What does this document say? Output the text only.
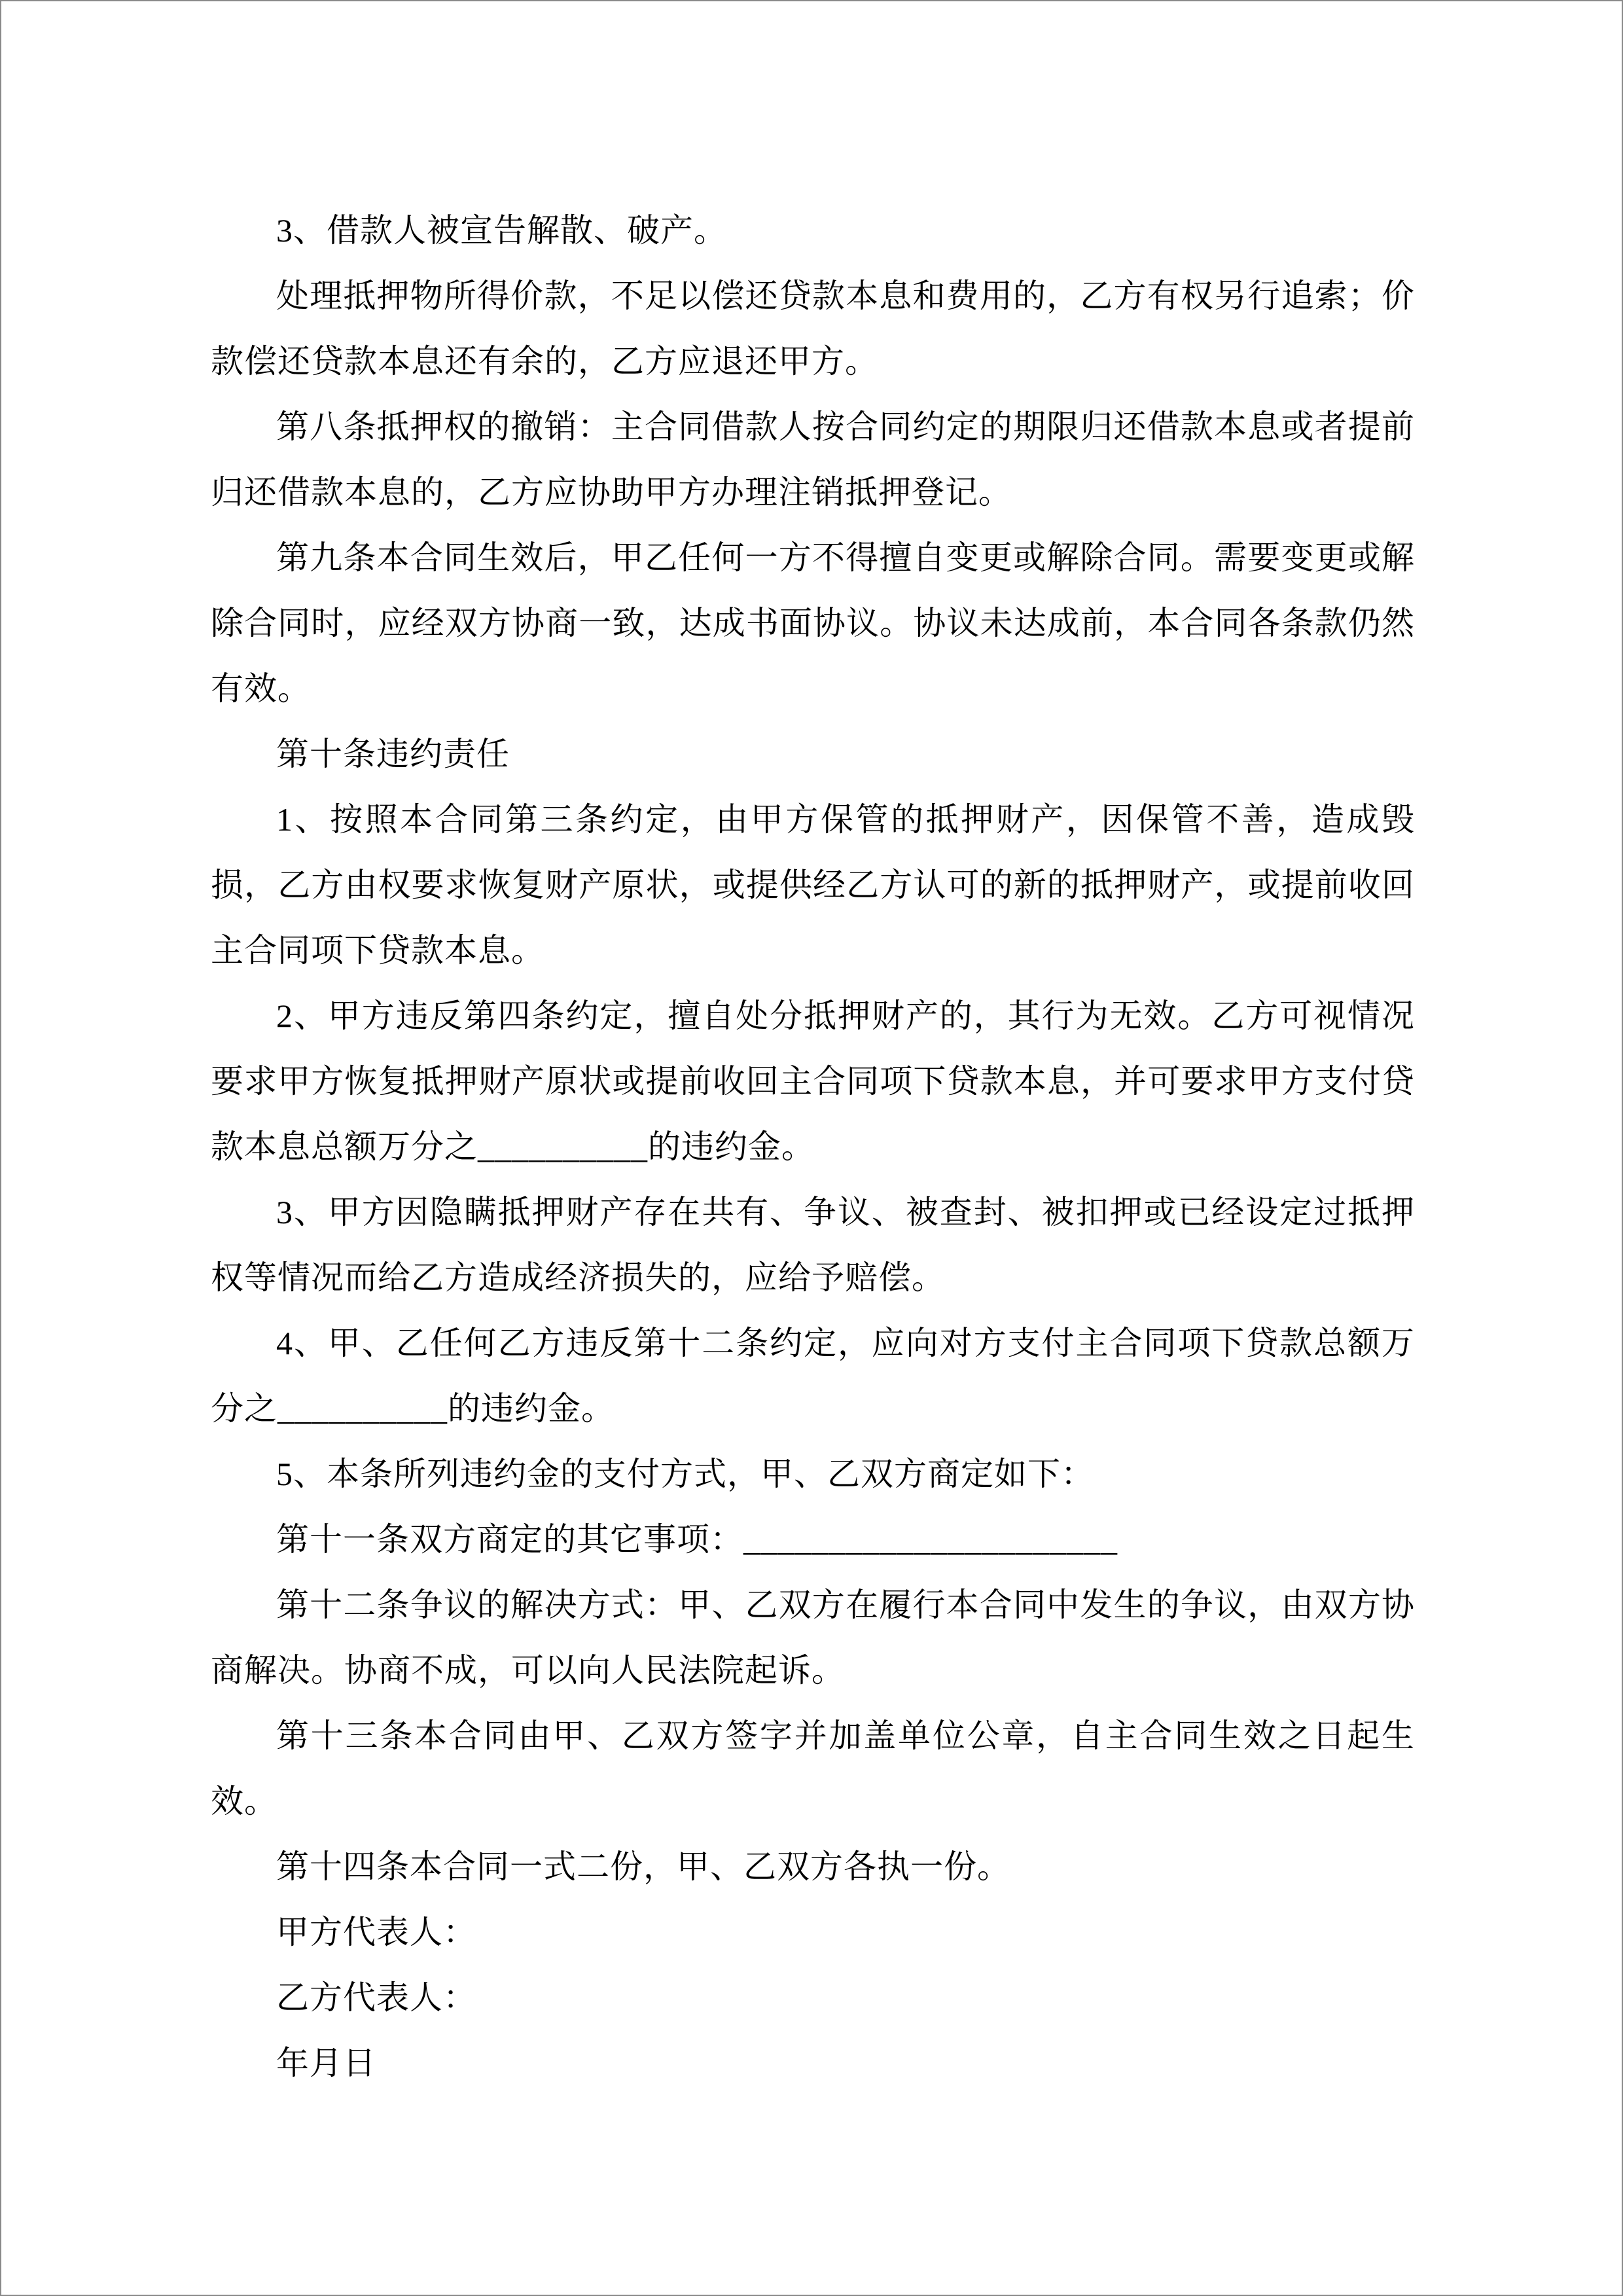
3、借款人被宣告解散、破产。

处理抵押物所得价款，不足以偿还贷款本息和费用的，乙方有权另行追索；价款偿还贷款本息还有余的，乙方应退还甲方。

第八条抵押权的撤销：主合同借款人按合同约定的期限归还借款本息或者提前归还借款本息的，乙方应协助甲方办理注销抵押登记。

第九条本合同生效后，甲乙任何一方不得擅自变更或解除合同。需要变更或解除合同时，应经双方协商一致，达成书面协议。协议未达成前，本合同各条款仍然有效。

第十条违约责任

1、按照本合同第三条约定，由甲方保管的抵押财产，因保管不善，造成毁损，乙方由权要求恢复财产原状，或提供经乙方认可的新的抵押财产，或提前收回主合同项下贷款本息。

2、甲方违反第四条约定，擅自处分抵押财产的，其行为无效。乙方可视情况要求甲方恢复抵押财产原状或提前收回主合同项下贷款本息，并可要求甲方支付贷款本息总额万分之__________的违约金。

3、甲方因隐瞒抵押财产存在共有、争议、被查封、被扣押或已经设定过抵押权等情况而给乙方造成经济损失的，应给予赔偿。

4、甲、乙任何乙方违反第十二条约定，应向对方支付主合同项下贷款总额万分之__________的违约金。

5、本条所列违约金的支付方式，甲、乙双方商定如下：

第十一条双方商定的其它事项：______________________

第十二条争议的解决方式：甲、乙双方在履行本合同中发生的争议，由双方协商解决。协商不成，可以向人民法院起诉。

第十三条本合同由甲、乙双方签字并加盖单位公章，自主合同生效之日起生效。

第十四条本合同一式二份，甲、乙双方各执一份。

甲方代表人：

乙方代表人：

年月日
